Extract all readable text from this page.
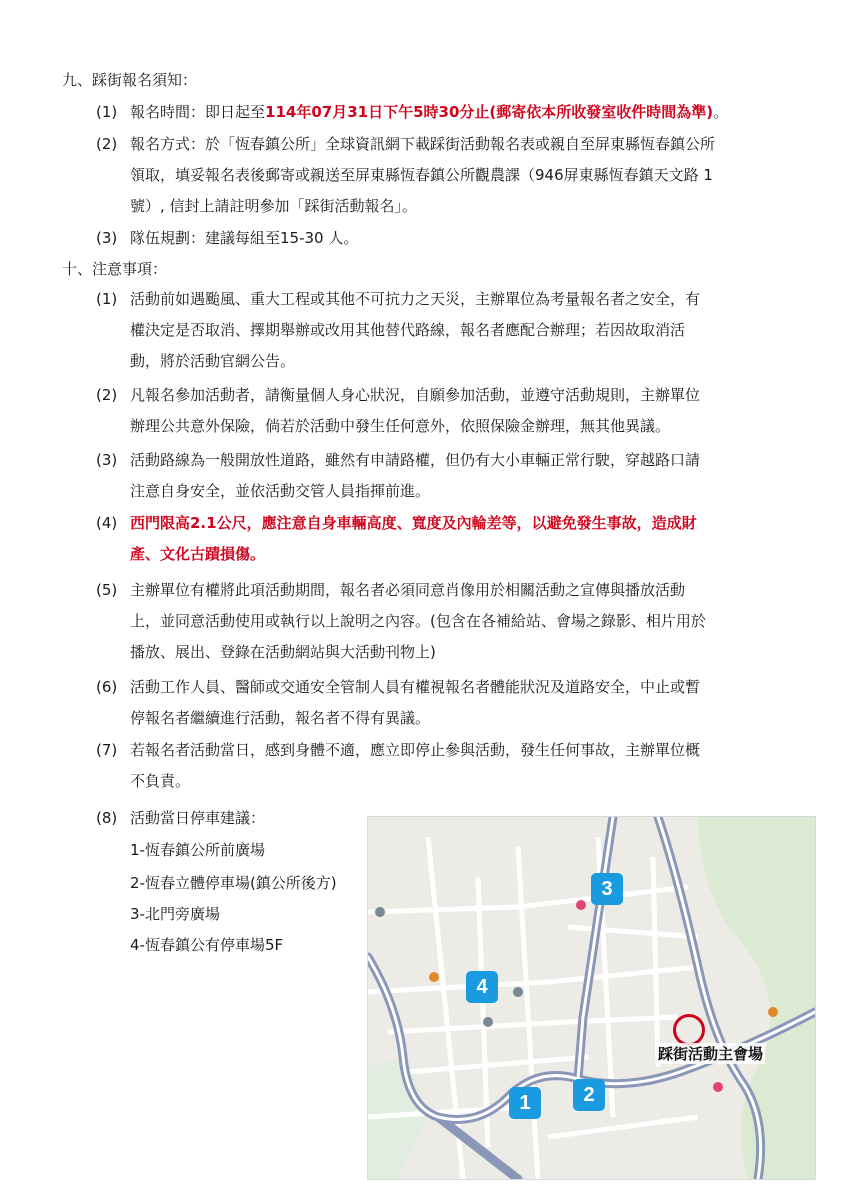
九、踩街報名須知：
(1) 報名時間：即日起至114年07月31日下午5時30分止(郵寄依本所收發室收件時間為準)。
(2) 報名方式：於「恆春鎮公所」全球資訊網下載踩街活動報名表或親自至屏東縣恆春鎮公所
領取，填妥報名表後郵寄或親送至屏東縣恆春鎮公所觀農課（946屏東縣恆春鎮天文路 1
號）, 信封上請註明參加「踩街活動報名」。
(3) 隊伍規劃：建議每組至15-30 人。
十、注意事項：
(1) 活動前如遇颱風、重大工程或其他不可抗力之天災，主辦單位為考量報名者之安全，有
權決定是否取消、擇期舉辦或改用其他替代路線，報名者應配合辦理；若因故取消活
動，將於活動官網公告。
(2) 凡報名參加活動者，請衡量個人身心狀況，自願參加活動，並遵守活動規則，主辦單位
辦理公共意外保險，倘若於活動中發生任何意外，依照保險金辦理，無其他異議。
(3) 活動路線為一般開放性道路，雖然有申請路權，但仍有大小車輛正常行駛，穿越路口請
注意自身安全，並依活動交管人員指揮前進。
(4) 西門限高2.1公尺，應注意自身車輛高度、寬度及內輪差等，以避免發生事故，造成財
產、文化古蹟損傷。
(5) 主辦單位有權將此項活動期間，報名者必須同意肖像用於相關活動之宣傳與播放活動
上，並同意活動使用或執行以上說明之內容。(包含在各補給站、會場之錄影、相片用於
播放、展出、登錄在活動網站與大活動刊物上)
(6) 活動工作人員、醫師或交通安全管制人員有權視報名者體能狀況及道路安全，中止或暫
停報名者繼續進行活動，報名者不得有異議。
(7) 若報名者活動當日，感到身體不適，應立即停止參與活動，發生任何事故，主辦單位概
不負責。
(8) 活動當日停車建議：
1-恆春鎮公所前廣場
2-恆春立體停車場(鎮公所後方)
3-北門旁廣場
4-恆春鎮公有停車場5F
3
4
1	2
踩街活動主會場
